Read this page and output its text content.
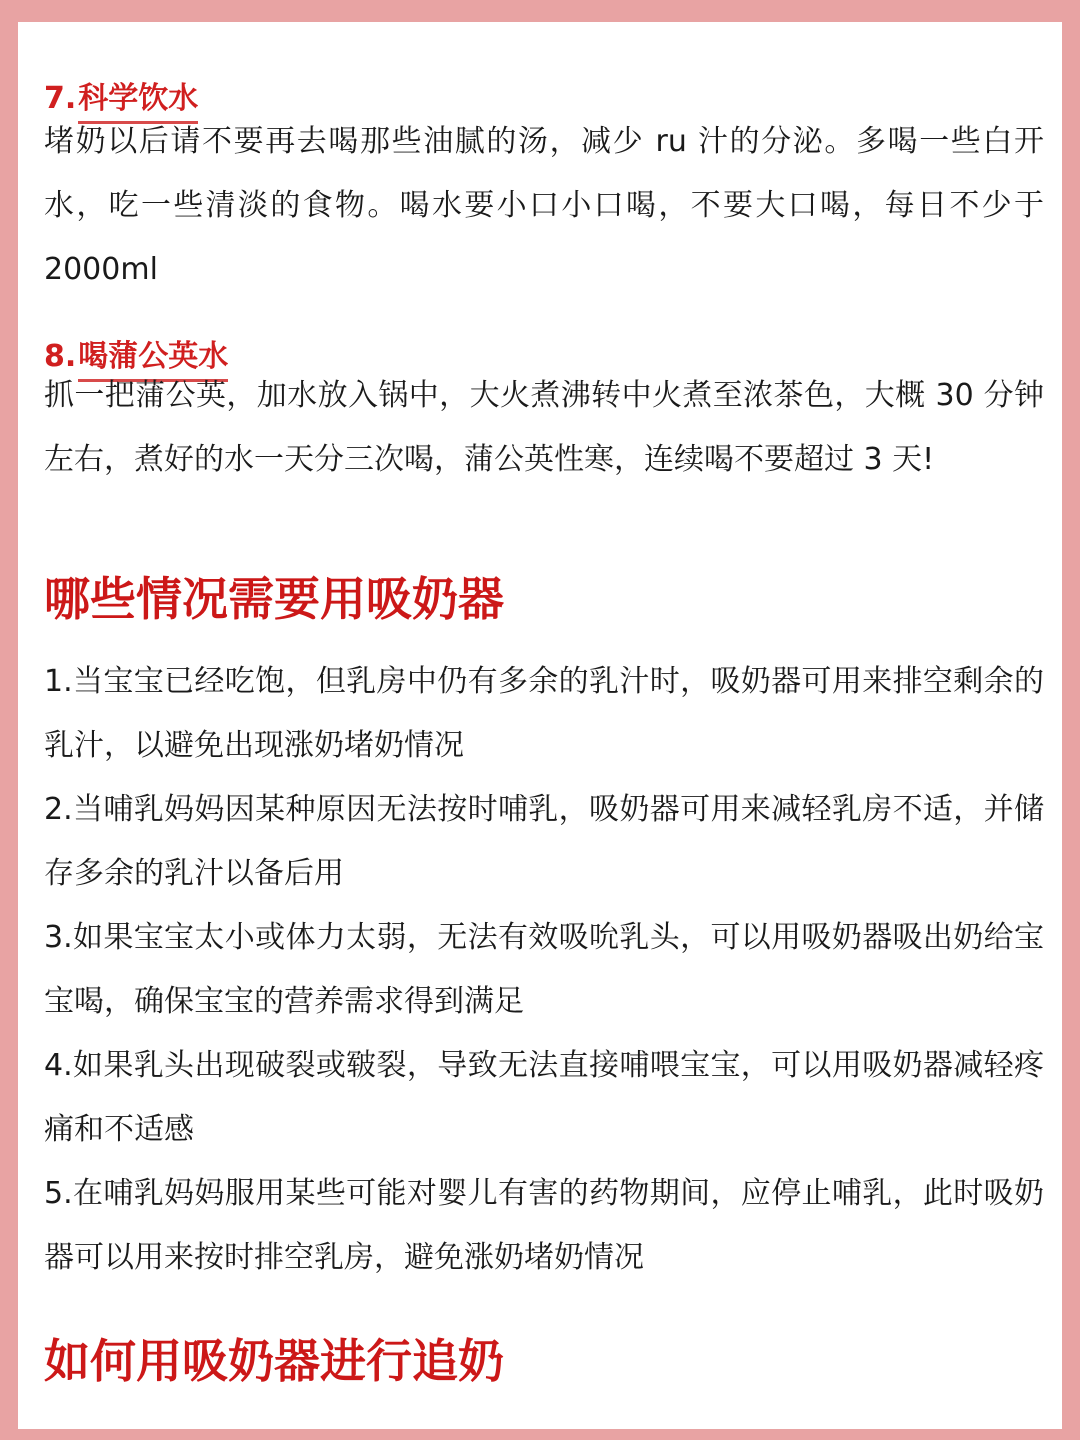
7.科学饮水
堵奶以后请不要再去喝那些油腻的汤，减少 ru 汁的分泌。多喝一些白开水，吃一些清淡的食物。喝水要小口小口喝，不要大口喝，每日不少于 2000ml
8.喝蒲公英水
抓一把蒲公英，加水放入锅中，大火煮沸转中火煮至浓茶色，大概 30 分钟左右，煮好的水一天分三次喝，蒲公英性寒，连续喝不要超过 3 天!
哪些情况需要用吸奶器
1.当宝宝已经吃饱，但乳房中仍有多余的乳汁时，吸奶器可用来排空剩余的乳汁，以避免出现涨奶堵奶情况
2.当哺乳妈妈因某种原因无法按时哺乳，吸奶器可用来减轻乳房不适，并储存多余的乳汁以备后用
3.如果宝宝太小或体力太弱，无法有效吸吮乳头，可以用吸奶器吸出奶给宝宝喝，确保宝宝的营养需求得到满足
4.如果乳头出现破裂或皲裂，导致无法直接哺喂宝宝，可以用吸奶器减轻疼痛和不适感
5.在哺乳妈妈服用某些可能对婴儿有害的药物期间，应停止哺乳，此时吸奶器可以用来按时排空乳房，避免涨奶堵奶情况
如何用吸奶器进行追奶
